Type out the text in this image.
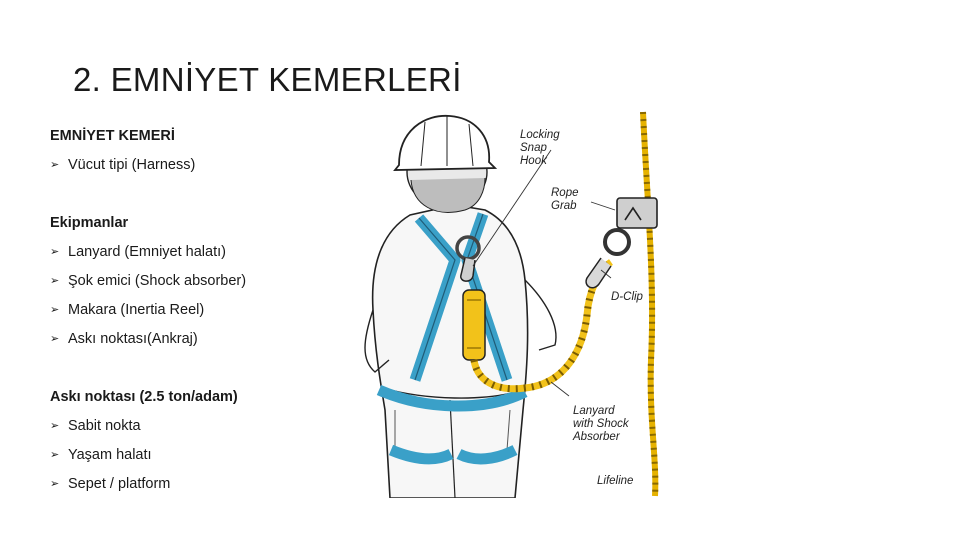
2. EMNİYET KEMERLERİ
EMNİYET KEMERİ
➢ Vücut tipi (Harness)
Ekipmanlar
➢ Lanyard (Emniyet halatı)
➢ Şok emici (Shock absorber)
➢ Makara (Inertia Reel)
➢ Askı noktası(Ankraj)
Askı noktası (2.5 ton/adam)
➢ Sabit nokta
➢ Yaşam halatı
➢ Sepet / platform
Locking
Snap
Hook
Rope
Grab
D-Clip
Lanyard
with Shock
Absorber
Lifeline
